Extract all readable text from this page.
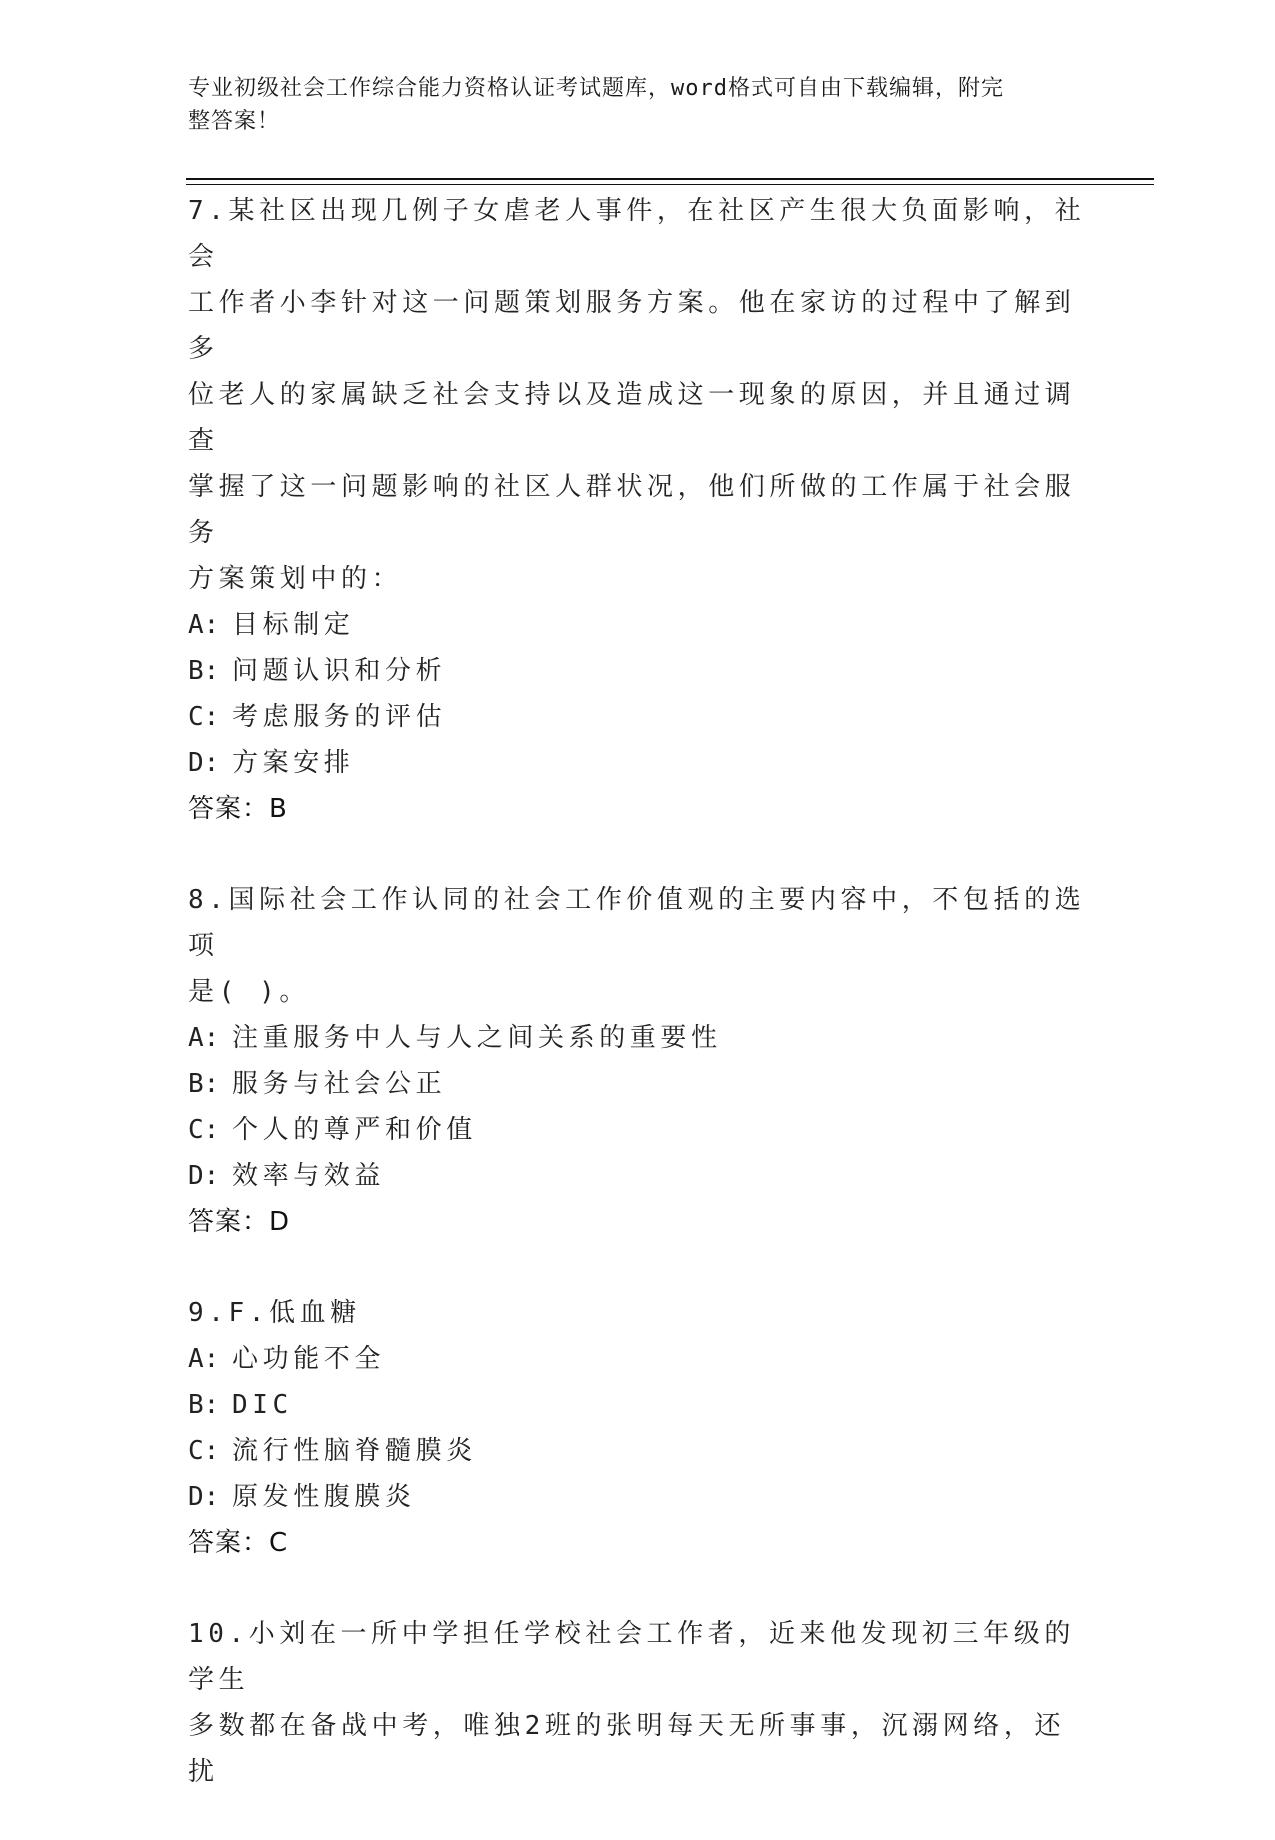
专业初级社会工作综合能力资格认证考试题库，word格式可自由下载编辑，附完
整答案！

7.某社区出现几例子女虐老人事件，在社区产生很大负面影响，社会

工作者小李针对这一问题策划服务方案。他在家访的过程中了解到多

位老人的家属缺乏社会支持以及造成这一现象的原因，并且通过调查

掌握了这一问题影响的社区人群状况，他们所做的工作属于社会服务

方案策划中的：

A: 目标制定

B: 问题认识和分析

C: 考虑服务的评估

D: 方案安排

答案：B

8.国际社会工作认同的社会工作价值观的主要内容中，不包括的选项

是( )。

A: 注重服务中人与人之间关系的重要性

B: 服务与社会公正

C: 个人的尊严和价值

D: 效率与效益

答案：D

9.F.低血糖

A: 心功能不全

B: DIC

C: 流行性脑脊髓膜炎

D: 原发性腹膜炎

答案：C

10.小刘在一所中学担任学校社会工作者，近来他发现初三年级的学生

多数都在备战中考，唯独2班的张明每天无所事事，沉溺网络，还扰
